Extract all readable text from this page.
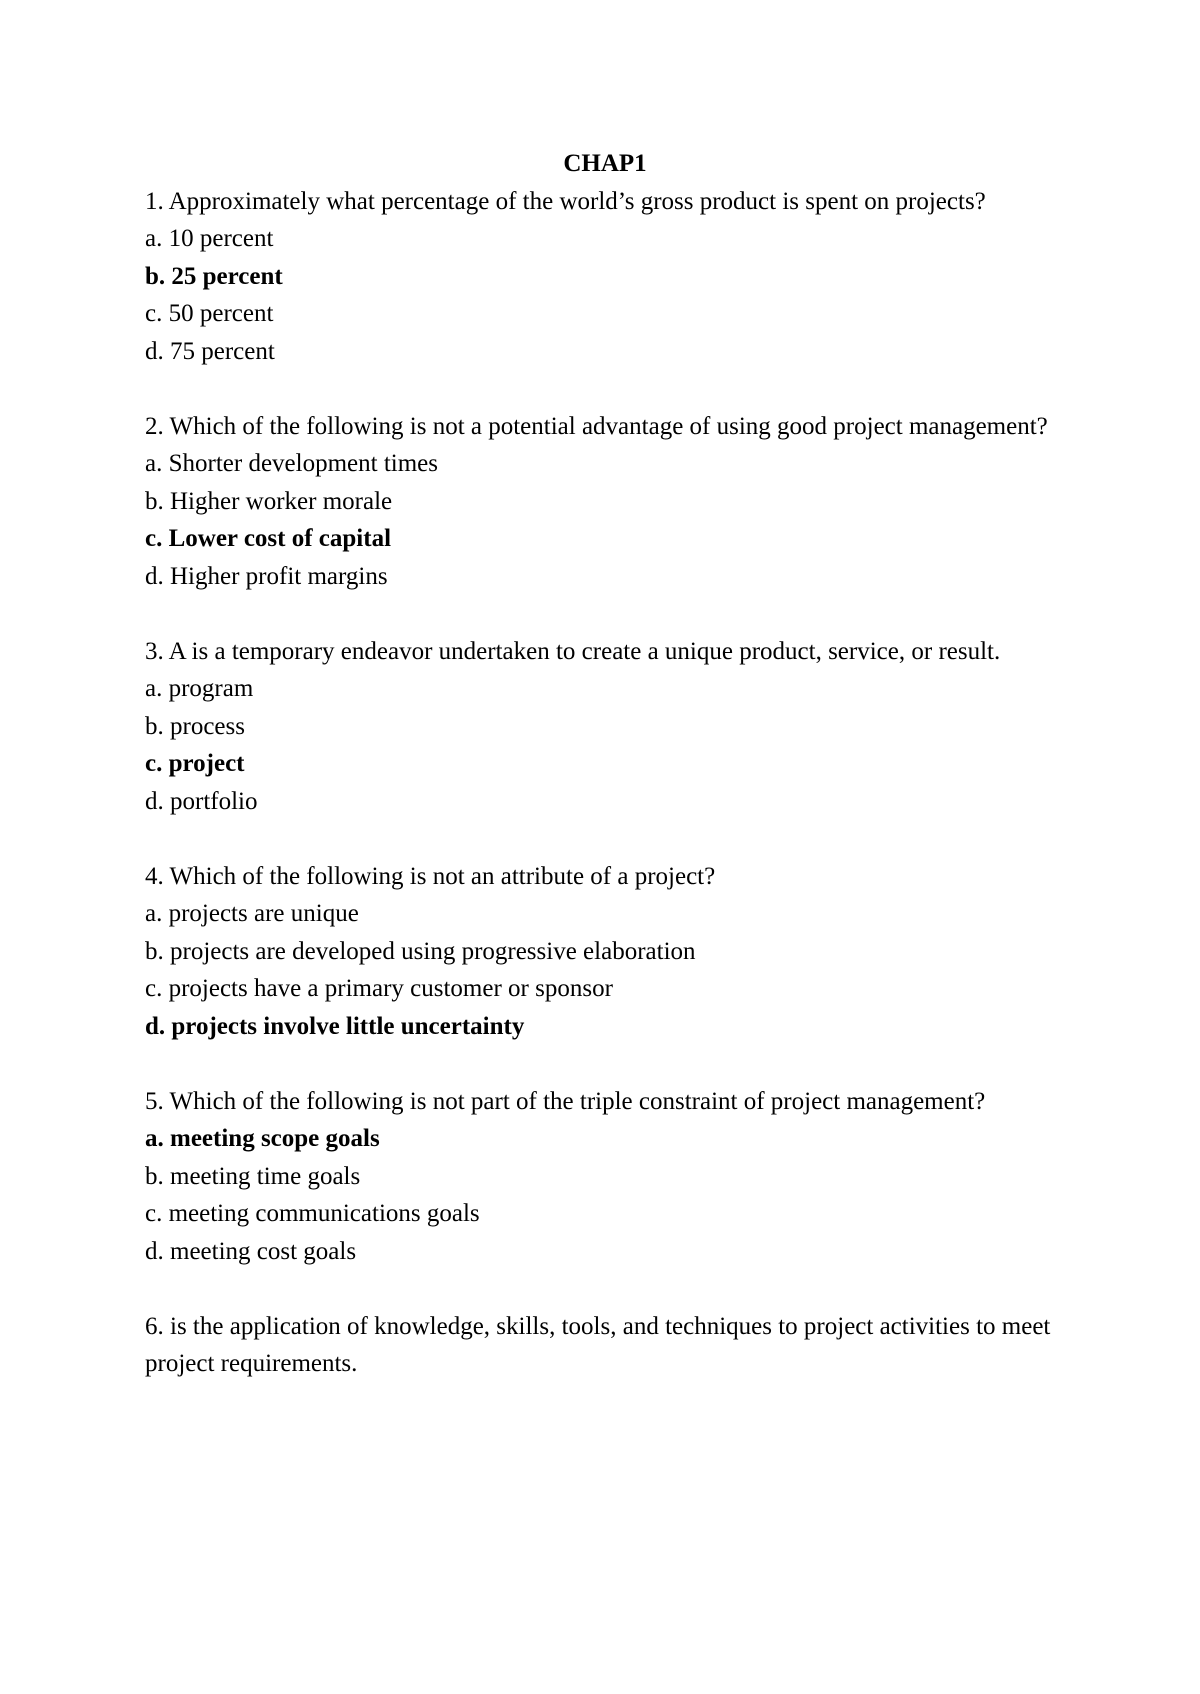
CHAP1

1. Approximately what percentage of the world’s gross product is spent on projects?

a. 10 percent

b. 25 percent

c. 50 percent

d. 75 percent

2. Which of the following is not a potential advantage of using good project management?

a. Shorter development times

b. Higher worker morale

c. Lower cost of capital

d. Higher profit margins

3. A is a temporary endeavor undertaken to create a unique product, service, or result.

a. program

b. process

c. project

d. portfolio

4. Which of the following is not an attribute of a project?

a. projects are unique

b. projects are developed using progressive elaboration

c. projects have a primary customer or sponsor

d. projects involve little uncertainty

5. Which of the following is not part of the triple constraint of project management?

a. meeting scope goals

b. meeting time goals

c. meeting communications goals

d. meeting cost goals

6. is the application of knowledge, skills, tools, and techniques to project activities to meet project requirements.
